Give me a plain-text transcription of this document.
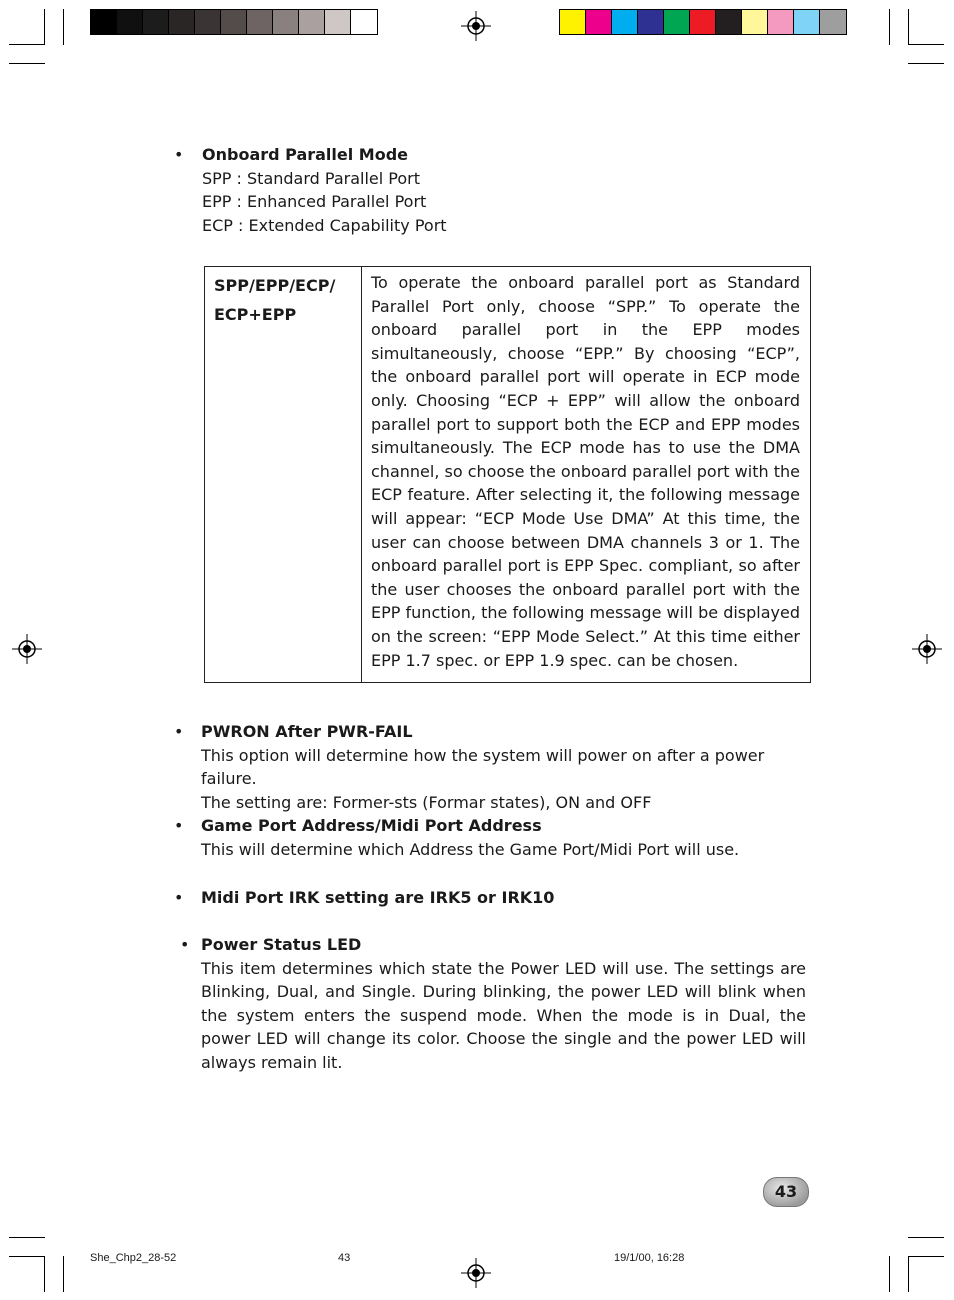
• Onboard Parallel Mode
SPP : Standard Parallel Port
EPP : Enhanced Parallel Port
ECP : Extended Capability Port
SPP/EPP/ECP/
ECP+EPP
	To operate the onboard parallel port as Standard Parallel Port only, choose “SPP.” To operate the onboard parallel port in the EPP modes simultaneously, choose “EPP.” By choosing “ECP”, the onboard parallel port will operate in ECP mode only. Choosing “ECP + EPP” will allow the onboard parallel port to support both the ECP and EPP modes simultaneously. The ECP mode has to use the DMA channel, so choose the onboard parallel port with the ECP feature. After selecting it, the following message will appear: “ECP Mode Use DMA” At this time, the user can choose between DMA channels 3 or 1. The onboard parallel port is EPP Spec. compliant, so after the user chooses the onboard parallel port with the EPP function, the following message will be displayed on the screen: “EPP Mode Select.” At this time either EPP 1.7 spec. or EPP 1.9 spec. can be chosen.
• PWRON After PWR-FAIL
This option will determine how the system will power on after a power failure.
The setting are: Former-sts (Formar states), ON and OFF
• Game Port Address/Midi Port Address
This will determine which Address the Game Port/Midi Port will use.
• Midi Port IRK setting are IRK5 or IRK10
• Power Status LED
This item determines which state the Power LED will use. The settings are Blinking, Dual, and Single. During blinking, the power LED will blink when the system enters the suspend mode. When the mode is in Dual, the power LED will change its color. Choose the single and the power LED will always remain lit.
43
She_Chp2_28-52	43	19/1/00, 16:28
